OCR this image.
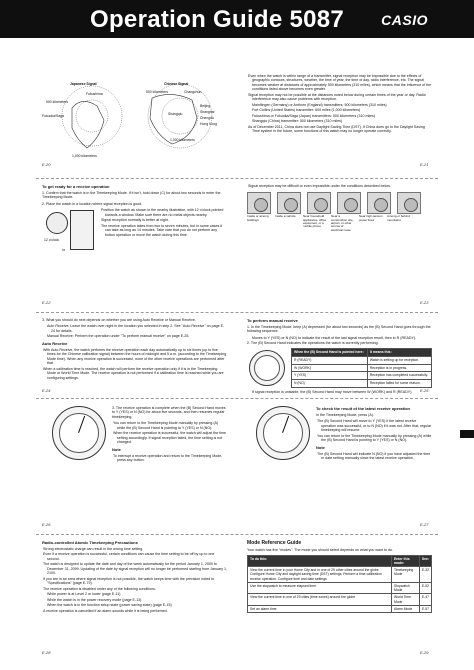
Operation Guide 5087	CASIO
Japanese Signal	Chinese Signal
Fukushima
500 kilometers
Fukuoka/Saga
1,000 kilometers
500 kilometers	Changchun
Beijing
Shanghai
Chengdu
Hong Kong
1,000 kilometers
Shangqiu
E-20
Even when the watch is within range of a transmitter, signal reception may be impossible due to the effects of geographic contours, structures, weather, the time of year, the time of day, radio interference, etc. The signal becomes weaker at distances of approximately 500 kilometers (310 miles), which means that the influence of the conditions listed above becomes even greater.
Signal reception may not be possible at the distances noted below during certain times of the year or day. Radio interference may also cause problems with reception.
Mainflingen (Germany) or Anthorn (England) transmitters: 500 kilometers (310 miles)
Fort Collins (United States) transmitter: 600 miles (1,000 kilometers)
Fukushima or Fukuoka/Saga (Japan) transmitters: 500 kilometers (310 miles)
Shangqiu (China) transmitter: 500 kilometers (310 miles)
As of December 2011, China does not use Daylight Saving Time (DST). If China does go to the Daylight Saving Time system in the future, some functions of this watch may no longer operate correctly.
E-21
To get ready for a receive operation
1. Confirm that the watch is in the Timekeeping Mode. If it isn't, hold down (C) for about two seconds to enter the Timekeeping Mode.
2. Place the watch in a location where signal reception is good.
12 o'clock
or
Position the watch as shown in the nearby illustration, with 12 o'clock pointed towards a window. Make sure there are no metal objects nearby.
Signal reception normally is better at night.
The receive operation takes from two to seven minutes, but in some cases it can take as long as 14 minutes. Take care that you do not perform any button operation or move the watch during this time.
E-22
Signal reception may be difficult or even impossible under the conditions described below.
Inside or among buildings
Inside a vehicle	Near household appliances, office equipment, or a mobile phone
Near a construction site, airport, or other source of electrical noise
Near high-tension power lines
Among or behind mountains
E-23
3. What you should do next depends on whether you are using Auto Receive or Manual Receive.
Auto Receive: Leave the watch over night in the location you selected in step 2. See "Auto Receive" on page E-24 for details.
Manual Receive: Perform the operation under "To perform manual receive" on page E-25.
Auto Receive
With Auto Receive, the watch performs the receive operation each day automatically up to six times (up to five times for the Chinese calibration signal) between the hours of midnight and 5 a.m. (according to the Timekeeping Mode time). When any receive operation is successful, none of the other receive operations are performed after that.
When a calibration time is reached, the watch will perform the receive operation only if it is in the Timekeeping Mode or World Time Mode. The receive operation is not performed if a calibration time is reached while you are configuring settings.
E-24
To perform manual receive
1. In the Timekeeping Mode, keep (A) depressed (for about two seconds) as the (B) Second Hand goes through the following sequence.
Moves to Y (YES) or N (NO) to indicate the result of the last signal reception result, then to R (READY).
2. The (B) Second Hand indicates the operations the watch is currently performing.
When the (B) Second Hand is pointed here:	It means this:
R (READY)	Watch is setting up for reception.
W (WORK)	Reception is in progress.
Y (YES)	Reception has completed successfully.
N (NO)	Reception failed for some reason.
If signal reception is unstable, the (B) Second Hand may move between W (WORK) and R (READY).	E-25
3. The receive operation is complete when the (B) Second Hand moves to Y (YES) or N (NO) for about five seconds, and then resumes regular timekeeping.
You can return to the Timekeeping Mode manually by pressing (A) while the (B) Second Hand is pointing to Y (YES) or N (NO).
When the receive operation is successful, the watch will adjust the time setting accordingly. If signal reception failed, the time setting is not changed.
Note
To interrupt a receive operation and return to the Timekeeping Mode, press any button.
E-26
To check the result of the latest receive operation
In the Timekeeping Mode, press (A).
The (B) Second Hand will move to Y (YES) if the latest receive operation was successful, or to N (NO) if it was not. After that, regular timekeeping will resume.
You can return to the Timekeeping Mode manually by pressing (A) while the (B) Second Hand is pointing to Y (YES) or N (NO).
Note
The (B) Second Hand will indicate N (NO) if you have adjusted the time or date setting manually since the latest receive operation.
E-27
Radio-controlled Atomic Timekeeping Precautions
Strong electrostatic charge can result in the wrong time setting.
Even if a receive operation is successful, certain conditions can cause the time setting to be off by up to one second.
The watch is designed to update the date and day of the week automatically for the period January 1, 2000 to December 31, 2099. Updating of the date by signal reception will no longer be performed starting from January 1, 2100.
If you are in an area where signal reception is not possible, the watch keeps time with the precision noted in "Specifications" (page E-79).
The receive operation is disabled under any of the following conditions.
While power is at Level 2 or lower (page E-11)
While the watch is in the power recovery mode (page E-13)
When the watch is in the function setup state (power saving state) (page E-15)
A receive operation is cancelled if an alarm sounds while it is being performed.
E-28
Mode Reference Guide
Your watch has five "modes". The mode you should select depends on what you want to do.
To do this:	Enter this mode:	See:
View the current time in your Home City and in one of 29 other cities around the globe. Configure Home City and daylight saving time (DST) settings. Perform a time calibration receive operation. Configure time and date settings	Timekeeping Mode	E-32
Use the stopwatch to measure elapsed time	Stopwatch Mode	E-52
View the current time in one of 29 cities (time zones) around the globe	World Time Mode	E-47
Set an alarm time	Alarm Mode	E-57
E-29
